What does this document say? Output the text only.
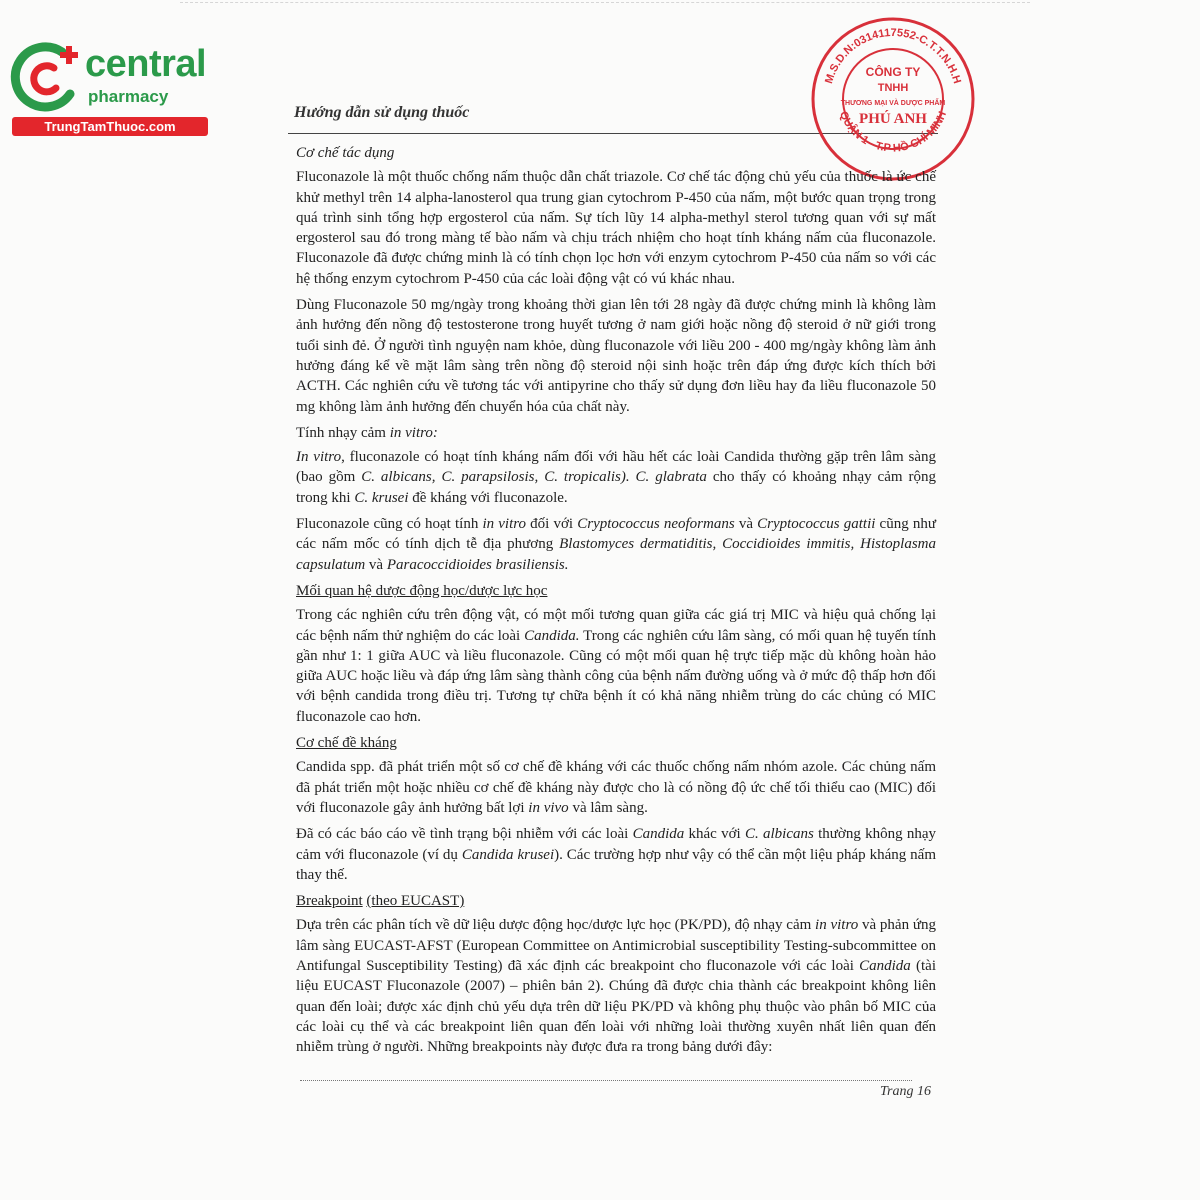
central
pharmacy
TrungTamThuoc.com
Hướng dẫn sử dụng thuốc
M.S.D.N:0314117552-C.T.T.N.H.H
QUẬN 1 - T.P HỒ CHÍ MINH
CÔNG TY
TNHH
THƯƠNG MẠI VÀ DƯỢC PHẨM
PHÚ ANH
Cơ chế tác dụng

Fluconazole là một thuốc chống nấm thuộc dẫn chất triazole. Cơ chế tác động chủ yếu của thuốc là ức chế khử methyl trên 14 alpha-lanosterol qua trung gian cytochrom P-450 của nấm, một bước quan trọng trong quá trình sinh tổng hợp ergosterol của nấm. Sự tích lũy 14 alpha-methyl sterol tương quan với sự mất ergosterol sau đó trong màng tế bào nấm và chịu trách nhiệm cho hoạt tính kháng nấm của fluconazole. Fluconazole đã được chứng minh là có tính chọn lọc hơn với enzym cytochrom P-450 của nấm so với các hệ thống enzym cytochrom P-450 của các loài động vật có vú khác nhau.

Dùng Fluconazole 50 mg/ngày trong khoảng thời gian lên tới 28 ngày đã được chứng minh là không làm ảnh hưởng đến nồng độ testosterone trong huyết tương ở nam giới hoặc nồng độ steroid ở nữ giới trong tuổi sinh đẻ. Ở người tình nguyện nam khỏe, dùng fluconazole với liều 200 - 400 mg/ngày không làm ảnh hưởng đáng kể về mặt lâm sàng trên nồng độ steroid nội sinh hoặc trên đáp ứng được kích thích bởi ACTH. Các nghiên cứu về tương tác với antipyrine cho thấy sử dụng đơn liều hay đa liều fluconazole 50 mg không làm ảnh hưởng đến chuyển hóa của chất này.

Tính nhạy cảm in vitro:

In vitro, fluconazole có hoạt tính kháng nấm đối với hầu hết các loài Candida thường gặp trên lâm sàng (bao gồm C. albicans, C. parapsilosis, C. tropicalis). C. glabrata cho thấy có khoảng nhạy cảm rộng trong khi C. krusei đề kháng với fluconazole.

Fluconazole cũng có hoạt tính in vitro đối với Cryptococcus neoformans và Cryptococcus gattii cũng như các nấm mốc có tính dịch tễ địa phương Blastomyces dermatiditis, Coccidioides immitis, Histoplasma capsulatum và Paracoccidioides brasiliensis.

Mối quan hệ dược động học/dược lực học

Trong các nghiên cứu trên động vật, có một mối tương quan giữa các giá trị MIC và hiệu quả chống lại các bệnh nấm thử nghiệm do các loài Candida. Trong các nghiên cứu lâm sàng, có mối quan hệ tuyến tính gần như 1: 1 giữa AUC và liều fluconazole. Cũng có một mối quan hệ trực tiếp mặc dù không hoàn hảo giữa AUC hoặc liều và đáp ứng lâm sàng thành công của bệnh nấm đường uống và ở mức độ thấp hơn đối với bệnh candida trong điều trị. Tương tự chữa bệnh ít có khả năng nhiễm trùng do các chủng có MIC fluconazole cao hơn.

Cơ chế đề kháng

Candida spp. đã phát triển một số cơ chế đề kháng với các thuốc chống nấm nhóm azole. Các chủng nấm đã phát triển một hoặc nhiều cơ chế đề kháng này được cho là có nồng độ ức chế tối thiểu cao (MIC) đối với fluconazole gây ảnh hưởng bất lợi in vivo và lâm sàng.

Đã có các báo cáo về tình trạng bội nhiễm với các loài Candida khác với C. albicans thường không nhạy cảm với fluconazole (ví dụ Candida krusei). Các trường hợp như vậy có thể cần một liệu pháp kháng nấm thay thế.

Breakpoint (theo EUCAST)

Dựa trên các phân tích về dữ liệu dược động học/dược lực học (PK/PD), độ nhạy cảm in vitro và phản ứng lâm sàng EUCAST-AFST (European Committee on Antimicrobial susceptibility Testing-subcommittee on Antifungal Susceptibility Testing) đã xác định các breakpoint cho fluconazole với các loài Candida (tài liệu EUCAST Fluconazole (2007) – phiên bản 2). Chúng đã được chia thành các breakpoint không liên quan đến loài; được xác định chủ yếu dựa trên dữ liệu PK/PD và không phụ thuộc vào phân bố MIC của các loài cụ thể và các breakpoint liên quan đến loài với những loài thường xuyên nhất liên quan đến nhiễm trùng ở người. Những breakpoints này được đưa ra trong bảng dưới đây:

Trang 16
